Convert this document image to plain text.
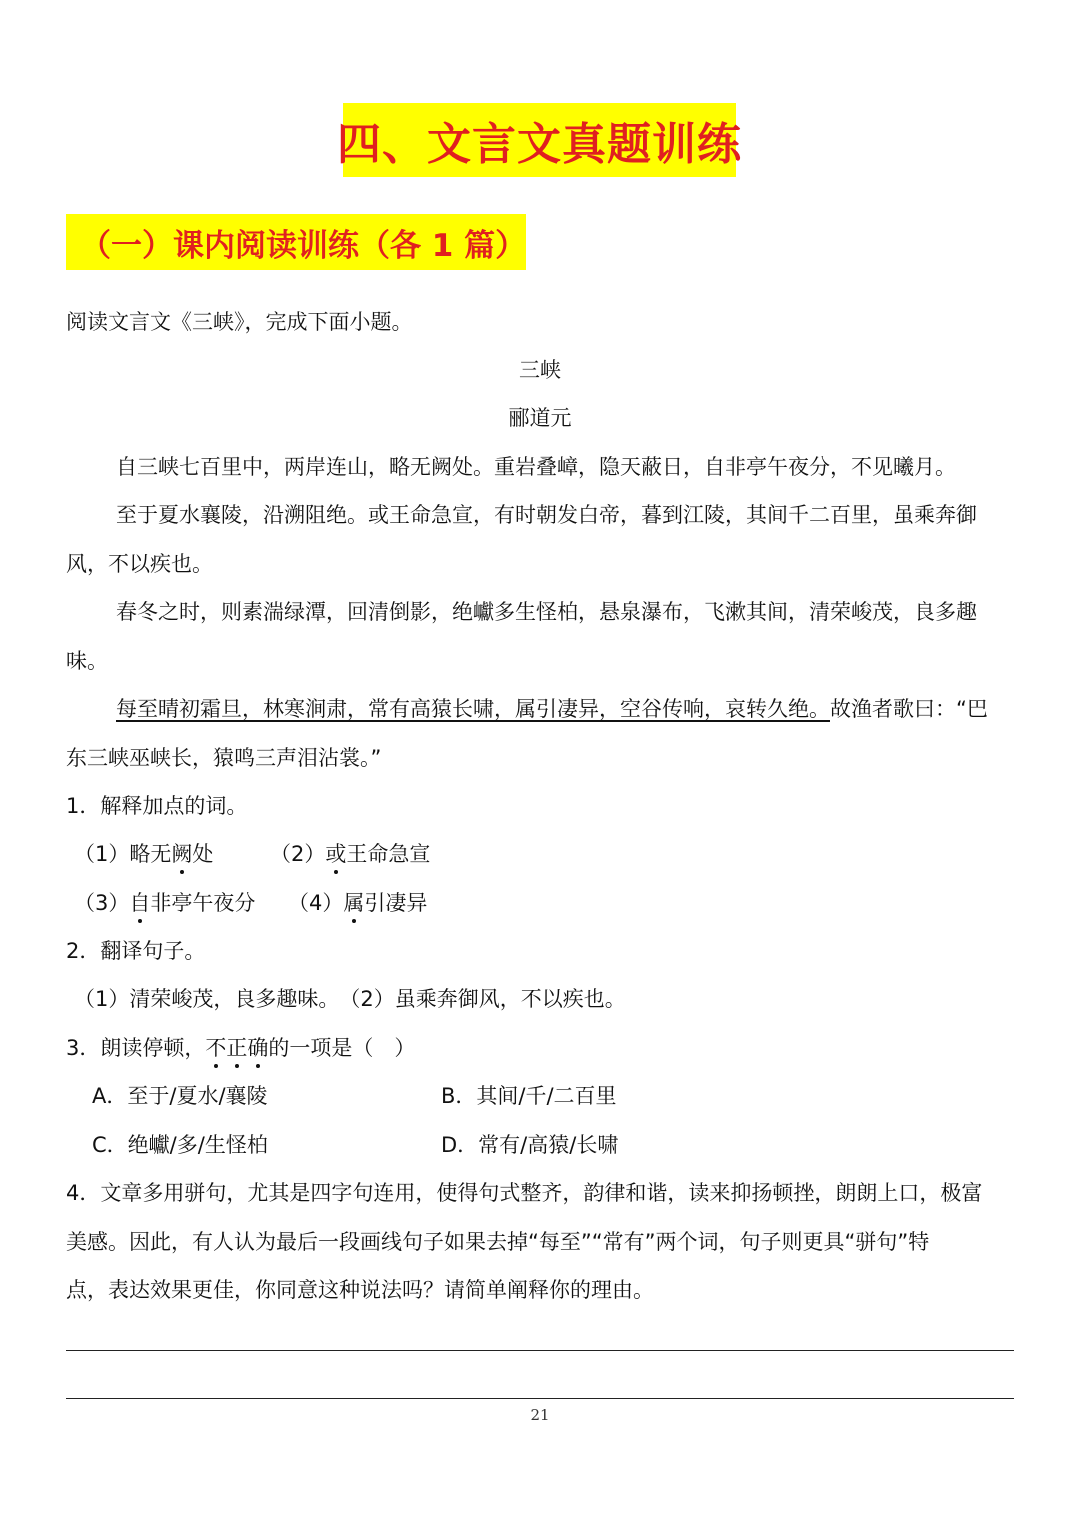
四、文言文真题训练
（一）课内阅读训练（各 1 篇）
阅读文言文《三峡》，完成下面小题。
三峡
郦道元
自三峡七百里中，两岸连山，略无阙处。重岩叠嶂，隐天蔽日，自非亭午夜分，不见曦月。
至于夏水襄陵，沿溯阻绝。或王命急宣，有时朝发白帝，暮到江陵，其间千二百里，虽乘奔御
风，不以疾也。
春冬之时，则素湍绿潭，回清倒影，绝巘多生怪柏，悬泉瀑布，飞漱其间，清荣峻茂，良多趣
味。
每至晴初霜旦，林寒涧肃，常有高猿长啸，属引凄异，空谷传响，哀转久绝。故渔者歌曰：“巴
东三峡巫峡长，猿鸣三声泪沾裳。”
1．解释加点的词。
（1）略无阙处	（2）或王命急宣
（3）自非亭午夜分 （4）属引凄异
2．翻译句子。
（1）清荣峻茂，良多趣味。　（2）虽乘奔御风，不以疾也。
3．朗读停顿，不正确的一项是（　）
A．至于/夏水/襄陵	B．其间/千/二百里
C．绝巘/多/生怪柏	D．常有/高猿/长啸
4．文章多用骈句，尤其是四字句连用，使得句式整齐，韵律和谐，读来抑扬顿挫，朗朗上口，极富
美感。因此，有人认为最后一段画线句子如果去掉“每至”“常有”两个词，句子则更具“骈句”特
点，表达效果更佳，你同意这种说法吗？请简单阐释你的理由。
21
